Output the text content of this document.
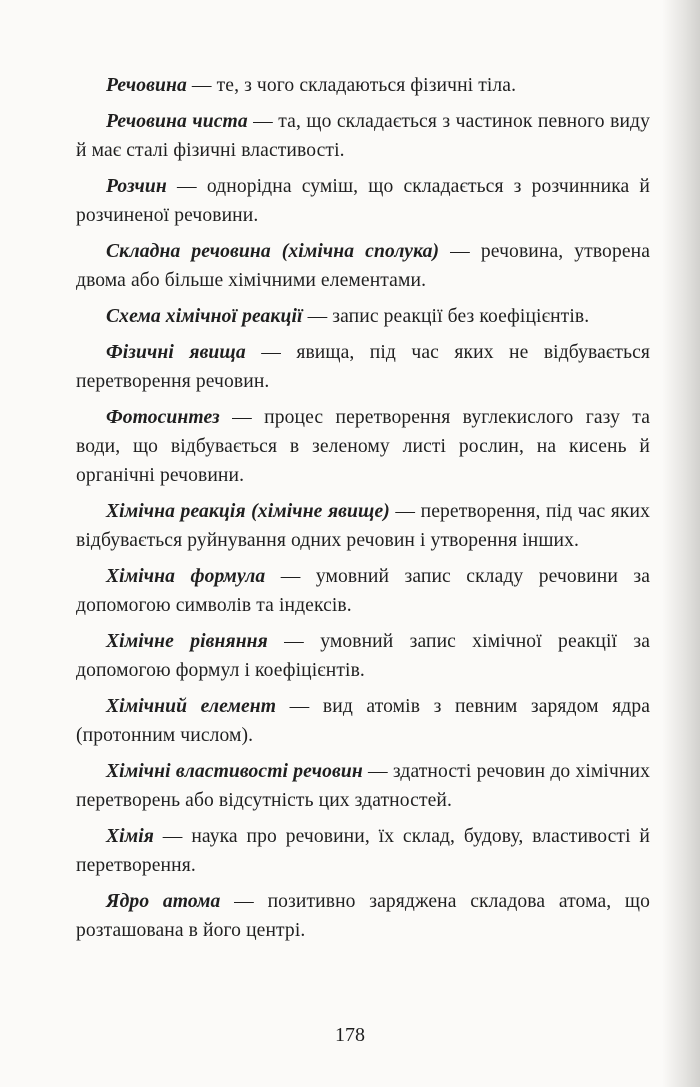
Речовина — те, з чого складаються фізичні тіла.

Речовина чиста — та, що складається з частинок певного виду й має сталі фізичні властивості.

Розчин — однорідна суміш, що складається з розчинника й розчиненої речовини.

Складна речовина (хімічна сполука) — речовина, утворена двома або більше хімічними елементами.

Схема хімічної реакції — запис реакції без коефіцієнтів.

Фізичні явища — явища, під час яких не відбувається перетворення речовин.

Фотосинтез — процес перетворення вуглекислого газу та води, що відбувається в зеленому листі рослин, на кисень й органічні речовини.

Хімічна реакція (хімічне явище) — перетворення, під час яких відбувається руйнування одних речовин і утворення інших.

Хімічна формула — умовний запис складу речовини за допомогою символів та індексів.

Хімічне рівняння — умовний запис хімічної реакції за допомогою формул і коефіцієнтів.

Хімічний елемент — вид атомів з певним зарядом ядра (протонним числом).

Хімічні властивості речовин — здатності речовин до хімічних перетворень або відсутність цих здатностей.

Хімія — наука про речовини, їх склад, будову, властивості й перетворення.

Ядро атома — позитивно заряджена складова атома, що розташована в його центрі.

178
